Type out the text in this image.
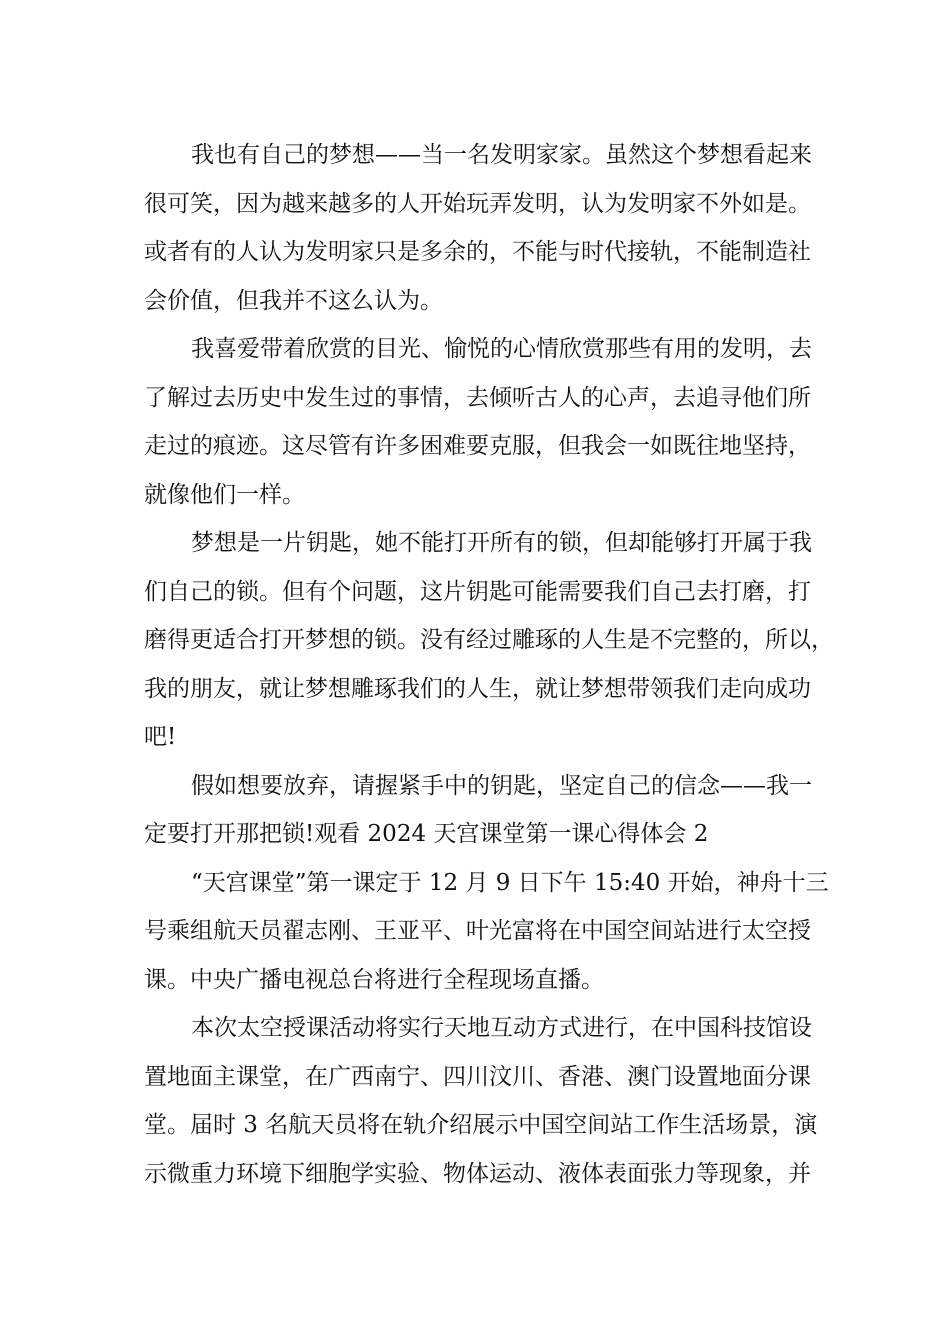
我也有自己的梦想——当一名发明家家。虽然这个梦想看起来
很可笑，因为越来越多的人开始玩弄发明，认为发明家不外如是。
或者有的人认为发明家只是多余的，不能与时代接轨，不能制造社
会价值，但我并不这么认为。

我喜爱带着欣赏的目光、愉悦的心情欣赏那些有用的发明，去
了解过去历史中发生过的事情，去倾听古人的心声，去追寻他们所
走过的痕迹。这尽管有许多困难要克服，但我会一如既往地坚持，
就像他们一样。

梦想是一片钥匙，她不能打开所有的锁，但却能够打开属于我
们自己的锁。但有个问题，这片钥匙可能需要我们自己去打磨，打
磨得更适合打开梦想的锁。没有经过雕琢的人生是不完整的，所以，
我的朋友，就让梦想雕琢我们的人生，就让梦想带领我们走向成功
吧!

假如想要放弃，请握紧手中的钥匙，坚定自己的信念——我一
定要打开那把锁!观看 2024 天宫课堂第一课心得体会 2

“天宫课堂”第一课定于 12 月 9 日下午 15:40 开始，神舟十三
号乘组航天员翟志刚、王亚平、叶光富将在中国空间站进行太空授
课。中央广播电视总台将进行全程现场直播。

本次太空授课活动将实行天地互动方式进行，在中国科技馆设
置地面主课堂，在广西南宁、四川汶川、香港、澳门设置地面分课
堂。届时 3 名航天员将在轨介绍展示中国空间站工作生活场景，演
示微重力环境下细胞学实验、物体运动、液体表面张力等现象，并
